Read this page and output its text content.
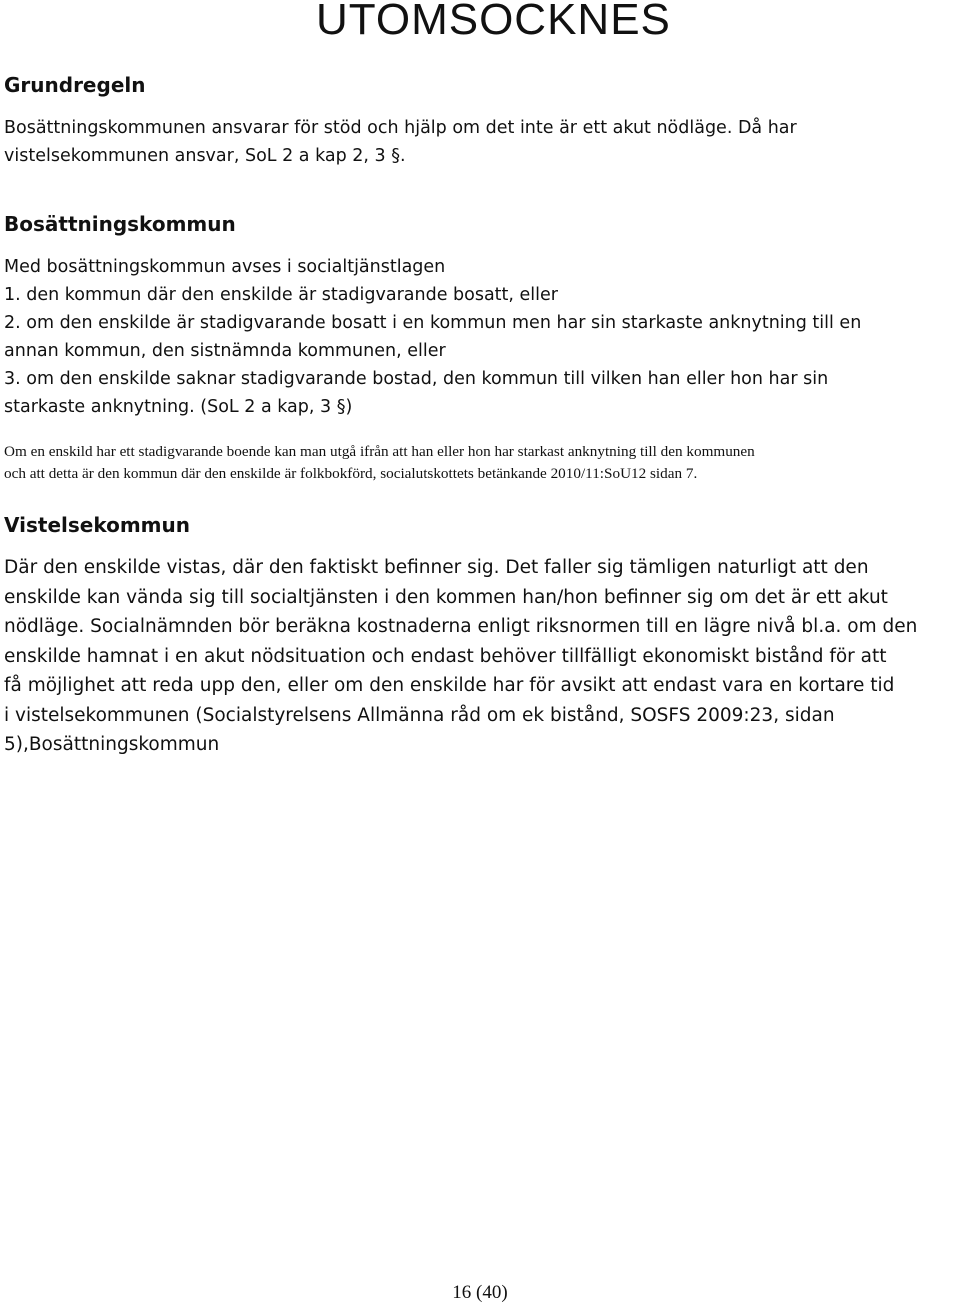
UTOMSOCKNES
Grundregeln

Bosättningskommunen ansvarar för stöd och hjälp om det inte är ett akut nödläge. Då har
vistelsekommunen ansvar, SoL 2 a kap 2, 3 §.

Bosättningskommun

Med bosättningskommun avses i socialtjänstlagen
1. den kommun där den enskilde är stadigvarande bosatt, eller
2. om den enskilde är stadigvarande bosatt i en kommun men har sin starkaste anknytning till en
annan kommun, den sistnämnda kommunen, eller
3. om den enskilde saknar stadigvarande bostad, den kommun till vilken han eller hon har sin
starkaste anknytning. (SoL 2 a kap, 3 §)

Om en enskild har ett stadigvarande boende kan man utgå ifrån att han eller hon har starkast anknytning till den kommunen
och att detta är den kommun där den enskilde är folkbokförd, socialutskottets betänkande 2010/11:SoU12 sidan 7.

Vistelsekommun

Där den enskilde vistas, där den faktiskt befinner sig. Det faller sig tämligen naturligt att den
enskilde kan vända sig till socialtjänsten i den kommen han/hon befinner sig om det är ett akut
nödläge. Socialnämnden bör beräkna kostnaderna enligt riksnormen till en lägre nivå bl.a. om den
enskilde hamnat i en akut nödsituation och endast behöver tillfälligt ekonomiskt bistånd för att
få möjlighet att reda upp den, eller om den enskilde har för avsikt att endast vara en kortare tid
i vistelsekommunen (Socialstyrelsens Allmänna råd om ek bistånd, SOSFS 2009:23, sidan
5),Bosättningskommun

16 (40)
